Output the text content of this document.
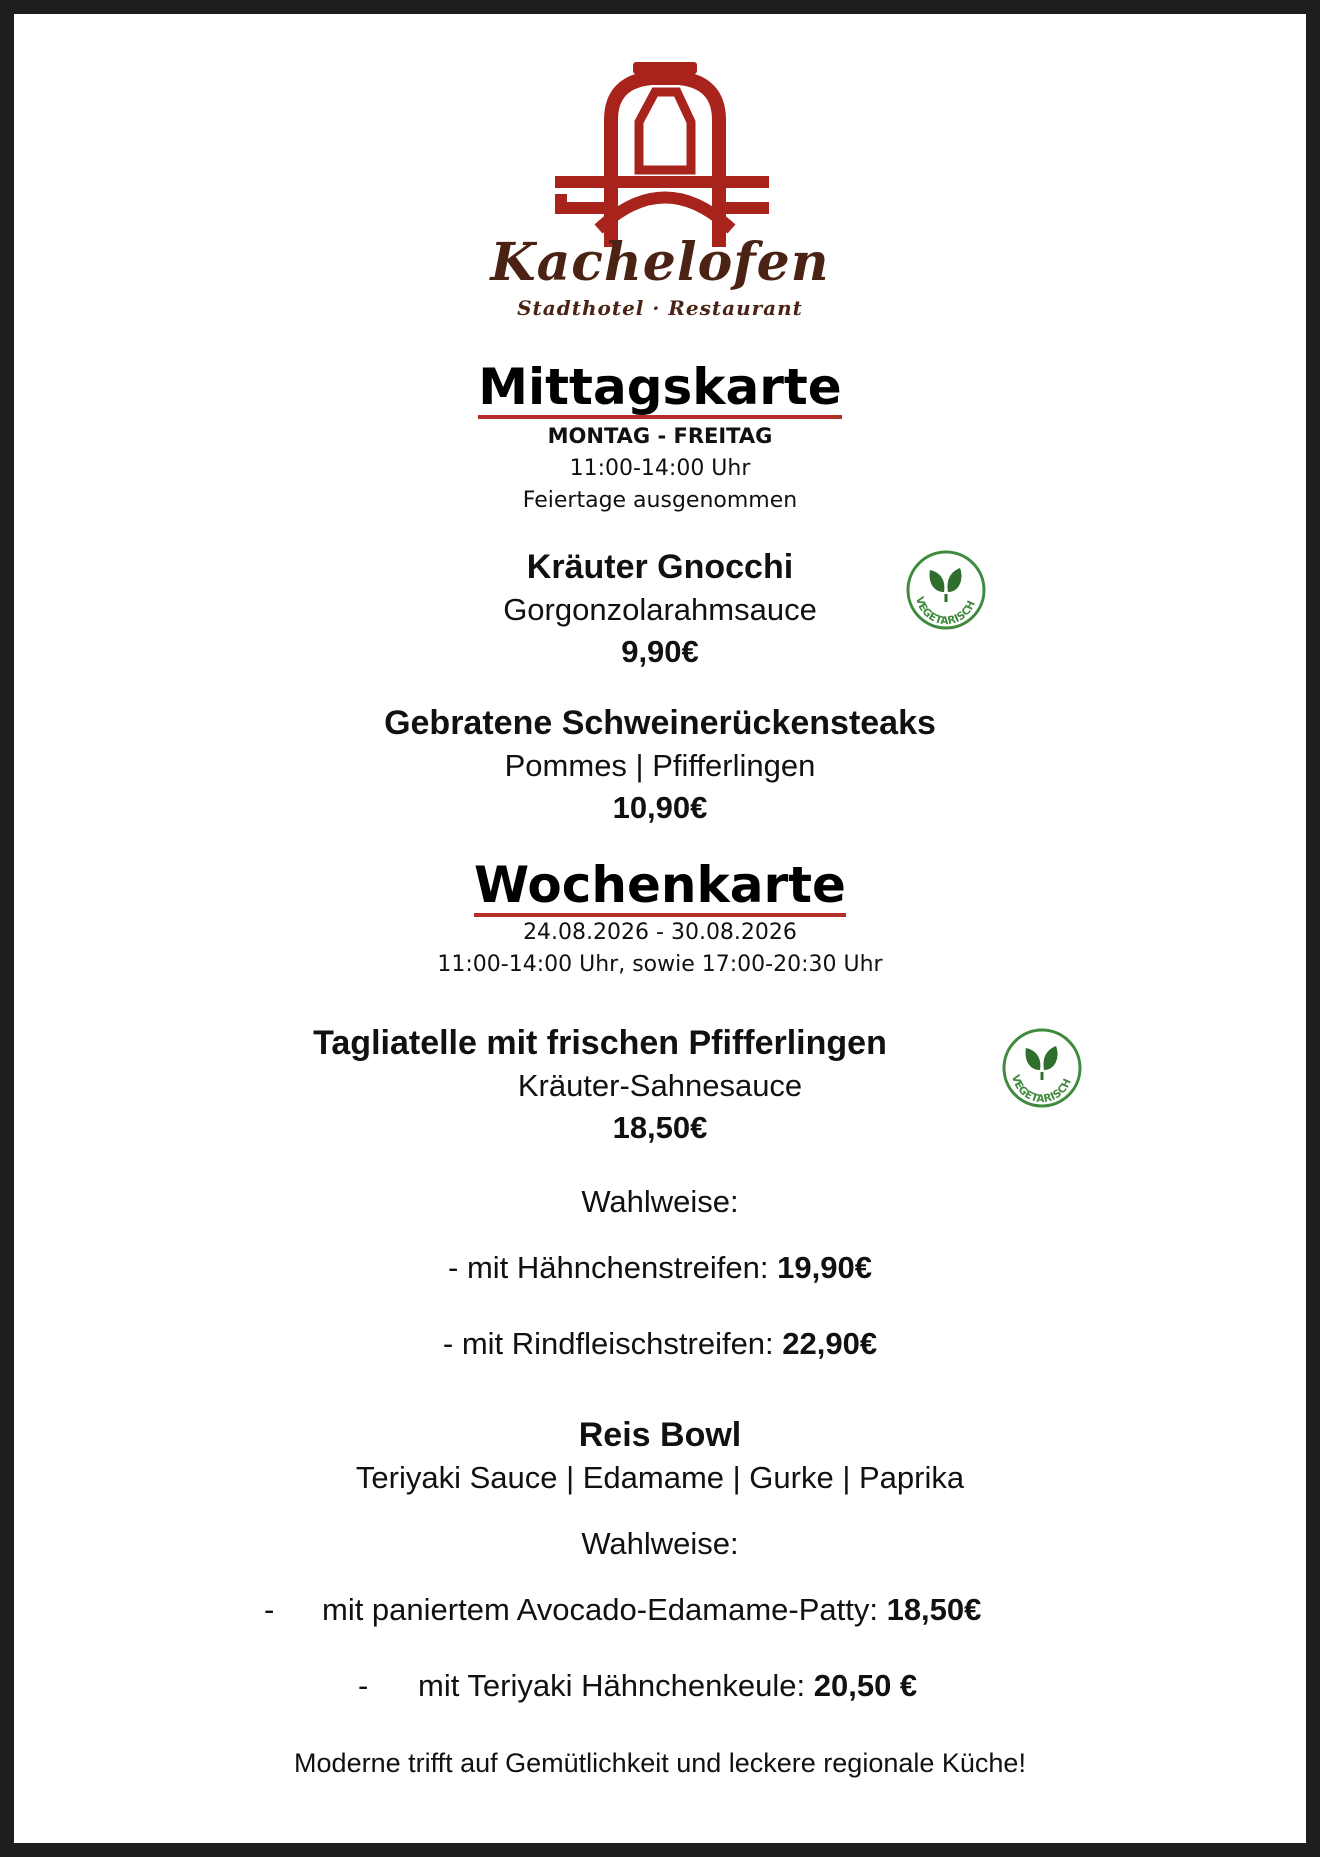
Kachelofen
Stadthotel · Restaurant
Mittagskarte
MONTAG - FREITAG
11:00-14:00 Uhr
Feiertage ausgenommen
Kräuter Gnocchi
Gorgonzolarahmsauce
9,90€
VEGETARISCH
Gebratene Schweinerückensteaks
Pommes | Pfifferlingen
10,90€
Wochenkarte
24.08.2026 - 30.08.2026
11:00-14:00 Uhr, sowie 17:00-20:30 Uhr
Tagliatelle mit frischen Pfifferlingen
Kräuter-Sahnesauce
18,50€
VEGETARISCH
Wahlweise:
- mit Hähnchenstreifen: 19,90€
- mit Rindfleischstreifen: 22,90€
Reis Bowl
Teriyaki Sauce | Edamame | Gurke | Paprika
Wahlweise:
- mit paniertem Avocado-Edamame-Patty: 18,50€
- mit Teriyaki Hähnchenkeule: 20,50 €
Moderne trifft auf Gemütlichkeit und leckere regionale Küche!
